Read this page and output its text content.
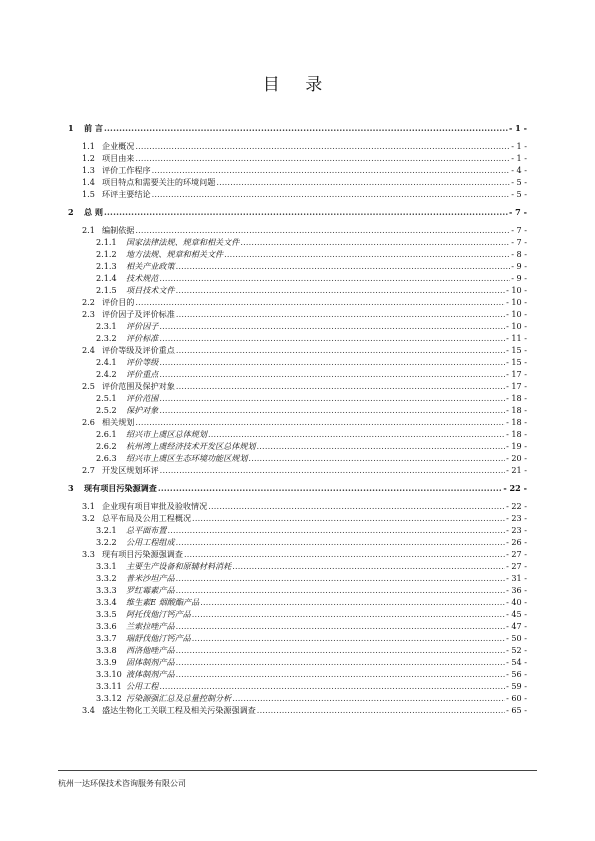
目 录
1	前 言 .....	- 1 -
1.1 企业概况 .....	- 1 -
1.2 项目由来 .....	- 1 -
1.3 评价工作程序 .....	- 4 -
1.4 项目特点和需要关注的环境问题 .....	- 5 -
1.5 环评主要结论 .....	- 5 -
2	总 则 .....	- 7 -
2.1 编制依据 .....	- 7 -
2.1.1	国家法律法规、规章和相关文件 .....	- 7 -
2.1.2	地方法规、规章和相关文件 .....	- 8 -
2.1.3	相关产业政策 .....	- 9 -
2.1.4	技术规范 .....	- 9 -
2.1.5	项目技术文件 .....	- 10 -
2.2 评价目的 .....	- 10 -
2.3 评价因子及评价标准 .....	- 10 -
2.3.1	评价因子 .....	- 10 -
2.3.2	评价标准 .....	- 11 -
2.4 评价等级及评价重点 .....	- 15 -
2.4.1	评价等级 .....	- 15 -
2.4.2	评价重点 .....	- 17 -
2.5 评价范围及保护对象 .....	- 17 -
2.5.1	评价范围 .....	- 18 -
2.5.2	保护对象 .....	- 18 -
2.6 相关规划 .....	- 18 -
2.6.1	绍兴市上虞区总体规划 .....	- 18 -
2.6.2	杭州湾上虞经济技术开发区总体规划 .....	- 19 -
2.6.3	绍兴市上虞区生态环境功能区规划 .....	- 20 -
2.7 开发区规划环评 .....	- 21 -
3	现有项目污染源调查 .....	- 22 -
3.1 企业现有项目审批及验收情况 .....	- 22 -
3.2 总平布局及公用工程概况 .....	- 23 -
3.2.1	总平面布置 .....	- 23 -
3.2.2	公用工程组成 .....	- 26 -
3.3 现有项目污染源强调查 .....	- 27 -
3.3.1	主要生产设备和原辅材料消耗 .....	- 27 -
3.3.2	普米沙坦产品 .....	- 31 -
3.3.3	罗红霉素产品 .....	- 36 -
3.3.4	维生素E 烟酸酯产品 .....	- 40 -
3.3.5	阿托伐他汀钙产品 .....	- 45 -
3.3.6	兰索拉唑产品 .....	- 47 -
3.3.7	瑞舒伐他汀钙产品 .....	- 50 -
3.3.8	西洛他唑产品 .....	- 52 -
3.3.9	固体制剂产品 .....	- 54 -
3.3.10 液体制剂产品 .....	- 56 -
3.3.11 公用工程 .....	- 59 -
3.3.12 污染源强汇总及总量控制分析 .....	- 60 -
3.4 盛达生物化工关联工程及相关污染源强调查 .....	- 65 -
杭州一达环保技术咨询服务有限公司
